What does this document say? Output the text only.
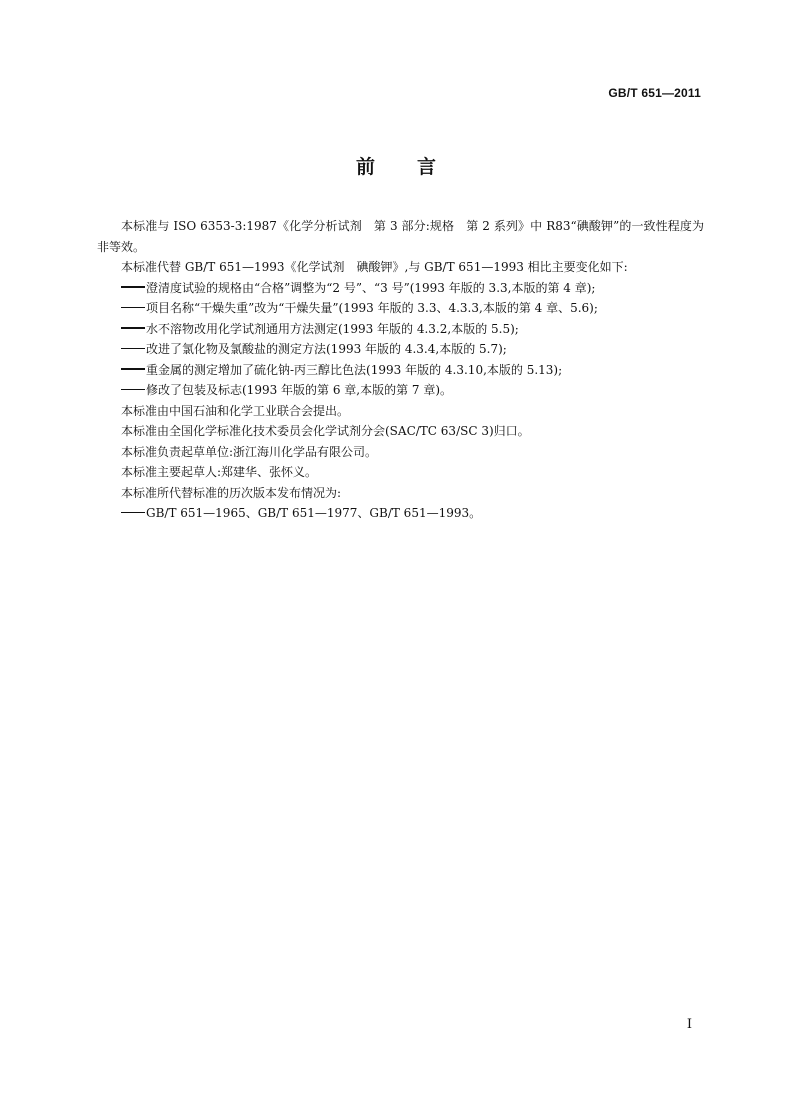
GB/T 651—2011
前言

本标准与 ISO 6353-3:1987《化学分析试剂　第 3 部分:规格　第 2 系列》中 R83“碘酸钾”的一致性程度为非等效。

本标准代替 GB/T 651—1993《化学试剂　碘酸钾》,与 GB/T 651—1993 相比主要变化如下:

澄清度试验的规格由“合格”调整为“2 号”、“3 号”(1993 年版的 3.3,本版的第 4 章);

项目名称“干燥失重”改为“干燥失量”(1993 年版的 3.3、4.3.3,本版的第 4 章、5.6);

水不溶物改用化学试剂通用方法测定(1993 年版的 4.3.2,本版的 5.5);

改进了氯化物及氯酸盐的测定方法(1993 年版的 4.3.4,本版的 5.7);

重金属的测定增加了硫化钠-丙三醇比色法(1993 年版的 4.3.10,本版的 5.13);

修改了包装及标志(1993 年版的第 6 章,本版的第 7 章)。

本标准由中国石油和化学工业联合会提出。

本标准由全国化学标准化技术委员会化学试剂分会(SAC/TC 63/SC 3)归口。

本标准负责起草单位:浙江海川化学品有限公司。

本标准主要起草人:郑建华、张怀义。

本标准所代替标准的历次版本发布情况为:

GB/T 651—1965、GB/T 651—1977、GB/T 651—1993。

I
